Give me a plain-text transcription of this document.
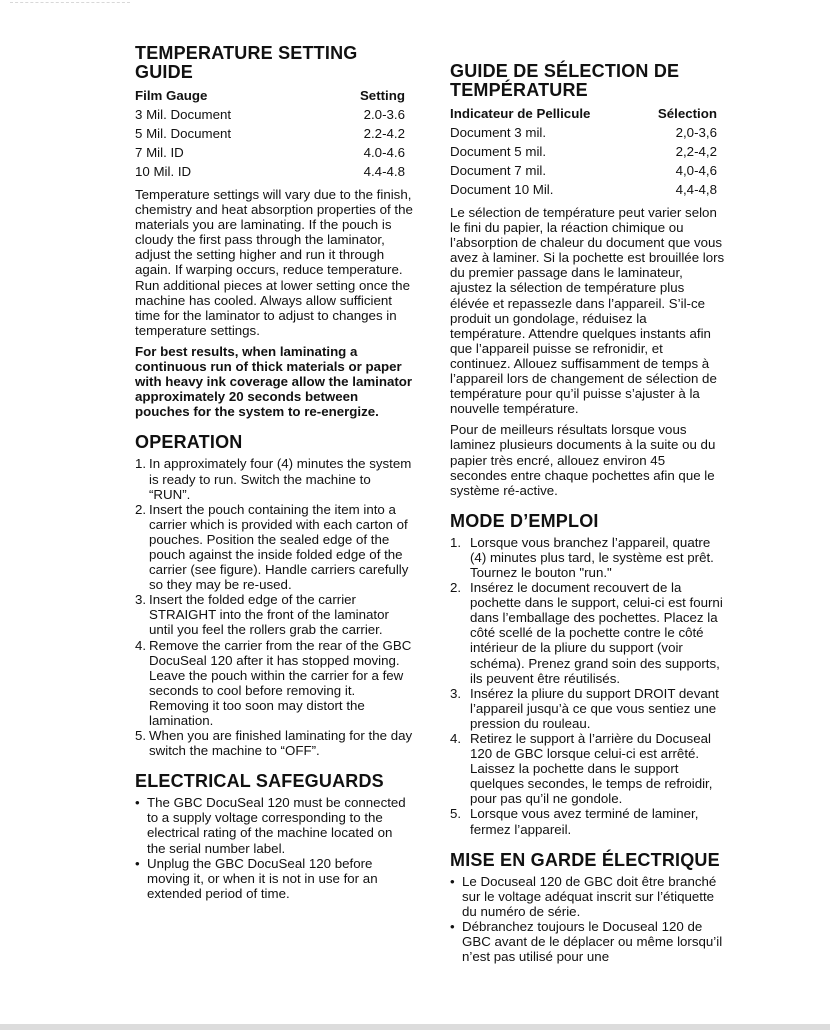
TEMPERATURE SETTING GUIDE
Film Gauge	Setting
3 Mil. Document	2.0-3.6
5 Mil. Document	2.2-4.2
7 Mil. ID	4.0-4.6
10 Mil. ID	4.4-4.8

Temperature settings will vary due to the finish, chemistry and heat absorption properties of the materials you are laminating. If the pouch is cloudy the first pass through the laminator, adjust the setting higher and run it through again. If warping occurs, reduce temperature. Run additional pieces at lower setting once the machine has cooled. Always allow sufficient time for the laminator to adjust to changes in temperature settings.

For best results, when laminating a continuous run of thick materials or paper with heavy ink coverage allow the laminator approximately 20 seconds between pouches for the system to re-energize.

OPERATION
1. In approximately four (4) minutes the system is ready to run. Switch the machine to “RUN”.
2. Insert the pouch containing the item into a carrier which is provided with each carton of pouches. Position the sealed edge of the pouch against the inside folded edge of the carrier (see figure). Handle carriers carefully so they may be re-used.
3. Insert the folded edge of the carrier STRAIGHT into the front of the laminator until you feel the rollers grab the carrier.
4. Remove the carrier from the rear of the GBC DocuSeal 120 after it has stopped moving. Leave the pouch within the carrier for a few seconds to cool before removing it. Removing it too soon may distort the lamination.
5. When you are finished laminating for the day switch the machine to “OFF”.
ELECTRICAL SAFEGUARDS
• The GBC DocuSeal 120 must be connected to a supply voltage corresponding to the electrical rating of the machine located on the serial number label.
• Unplug the GBC DocuSeal 120 before moving it, or when it is not in use for an extended period of time.
GUIDE DE SÉLECTION DE TEMPÉRATURE
Indicateur de Pellicule	Sélection
Document 3 mil.	2,0-3,6
Document 5 mil.	2,2-4,2
Document 7 mil.	4,0-4,6
Document 10 Mil.	4,4-4,8

Le sélection de température peut varier selon le fini du papier, la réaction chimique ou l’absorption de chaleur du document que vous avez à laminer. Si la pochette est brouillée lors du premier passage dans le laminateur, ajustez la sélection de température plus élévée et repassezle dans l’appareil. S’il-ce produit un gondolage, réduisez la température. Attendre quelques instants afin que l’appareil puisse se refronidir, et continuez. Allouez suffisamment de temps à l’appareil lors de changement de sélection de température pour qu’il puisse s’ajuster à la nouvelle température.

Pour de meilleurs résultats lorsque vous laminez plusieurs documents à la suite ou du papier très encré, allouez environ 45 secondes entre chaque pochettes afin que le système ré-active.

MODE D’EMPLOI
1. Lorsque vous branchez l’appareil, quatre (4) minutes plus tard, le système est prêt. Tournez le bouton "run."
2. Insérez le document recouvert de la pochette dans le support, celui-ci est fourni dans l’emballage des pochettes. Placez la côté scellé de la pochette contre le côté intérieur de la pliure du support (voir schéma). Prenez grand soin des supports, ils peuvent être réutilisés.
3. Insérez la pliure du support DROIT devant l’appareil jusqu’à ce que vous sentiez une pression du rouleau.
4. Retirez le support à l’arrière du Docuseal 120 de GBC lorsque celui-ci est arrêté. Laissez la pochette dans le support quelques secondes, le temps de refroidir, pour pas qu’il ne gondole.
5. Lorsque vous avez terminé de laminer, fermez l’appareil.
MISE EN GARDE ÉLECTRIQUE
• Le Docuseal 120 de GBC doit être branché sur le voltage adéquat inscrit sur l’étiquette du numéro de série.
• Débranchez toujours le Docuseal 120 de GBC avant de le déplacer ou même lorsqu’il n’est pas utilisé pour une
